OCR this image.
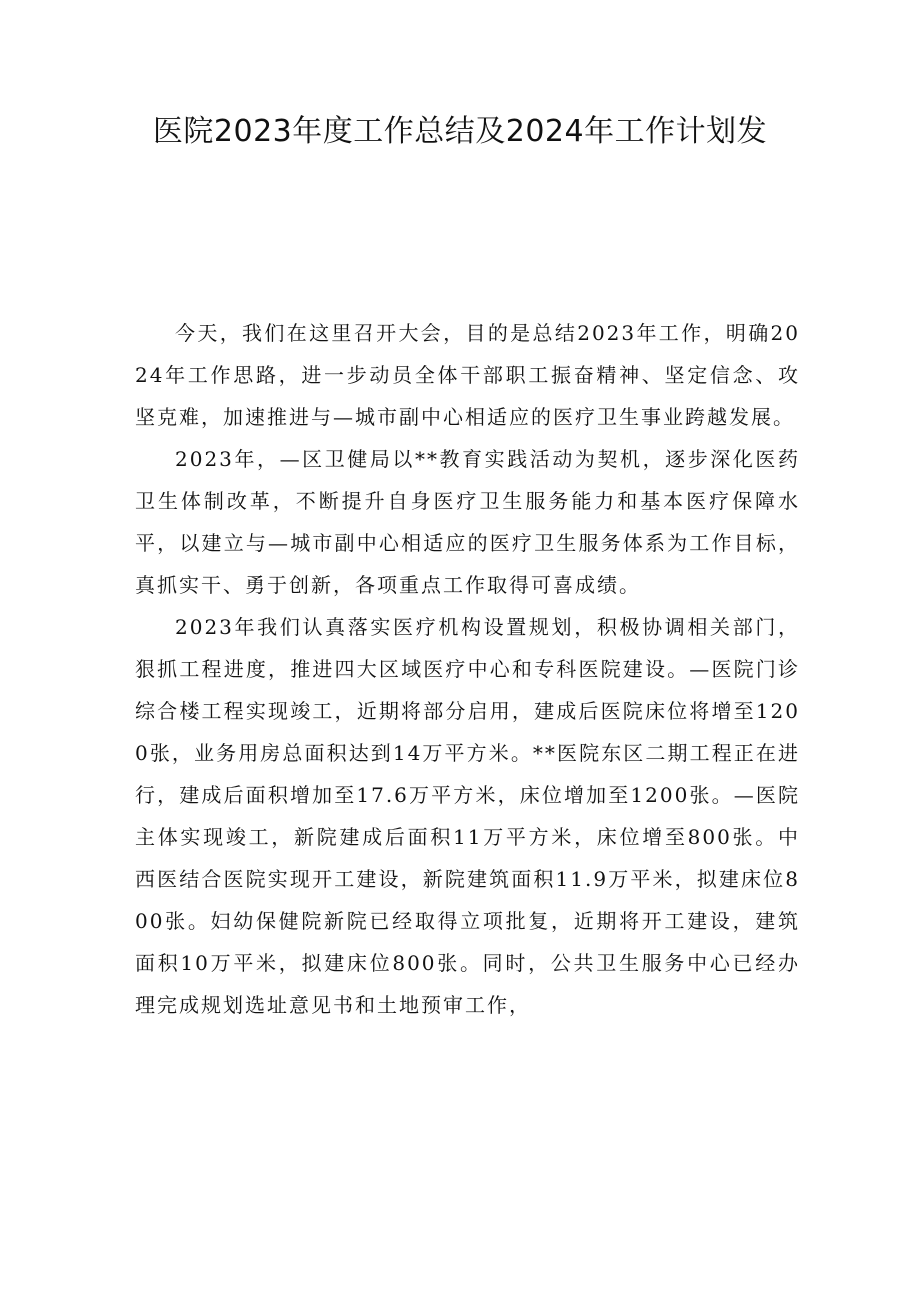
医院2023年度工作总结及2024年工作计划发

今天，我们在这里召开大会，目的是总结2023年工作，明确2024年工作思路，进一步动员全体干部职工振奋精神、坚定信念、攻坚克难，加速推进与—城市副中心相适应的医疗卫生事业跨越发展。

2023年，—区卫健局以**教育实践活动为契机，逐步深化医药卫生体制改革，不断提升自身医疗卫生服务能力和基本医疗保障水平，以建立与—城市副中心相适应的医疗卫生服务体系为工作目标，真抓实干、勇于创新，各项重点工作取得可喜成绩。

2023年我们认真落实医疗机构设置规划，积极协调相关部门，狠抓工程进度，推进四大区域医疗中心和专科医院建设。—医院门诊综合楼工程实现竣工，近期将部分启用，建成后医院床位将增至1200张，业务用房总面积达到14万平方米。**医院东区二期工程正在进行，建成后面积增加至17.6万平方米，床位增加至1200张。—医院主体实现竣工，新院建成后面积11万平方米，床位增至800张。中西医结合医院实现开工建设，新院建筑面积11.9万平米，拟建床位800张。妇幼保健院新院已经取得立项批复，近期将开工建设，建筑面积10万平米，拟建床位800张。同时，公共卫生服务中心已经办理完成规划选址意见书和土地预审工作，
